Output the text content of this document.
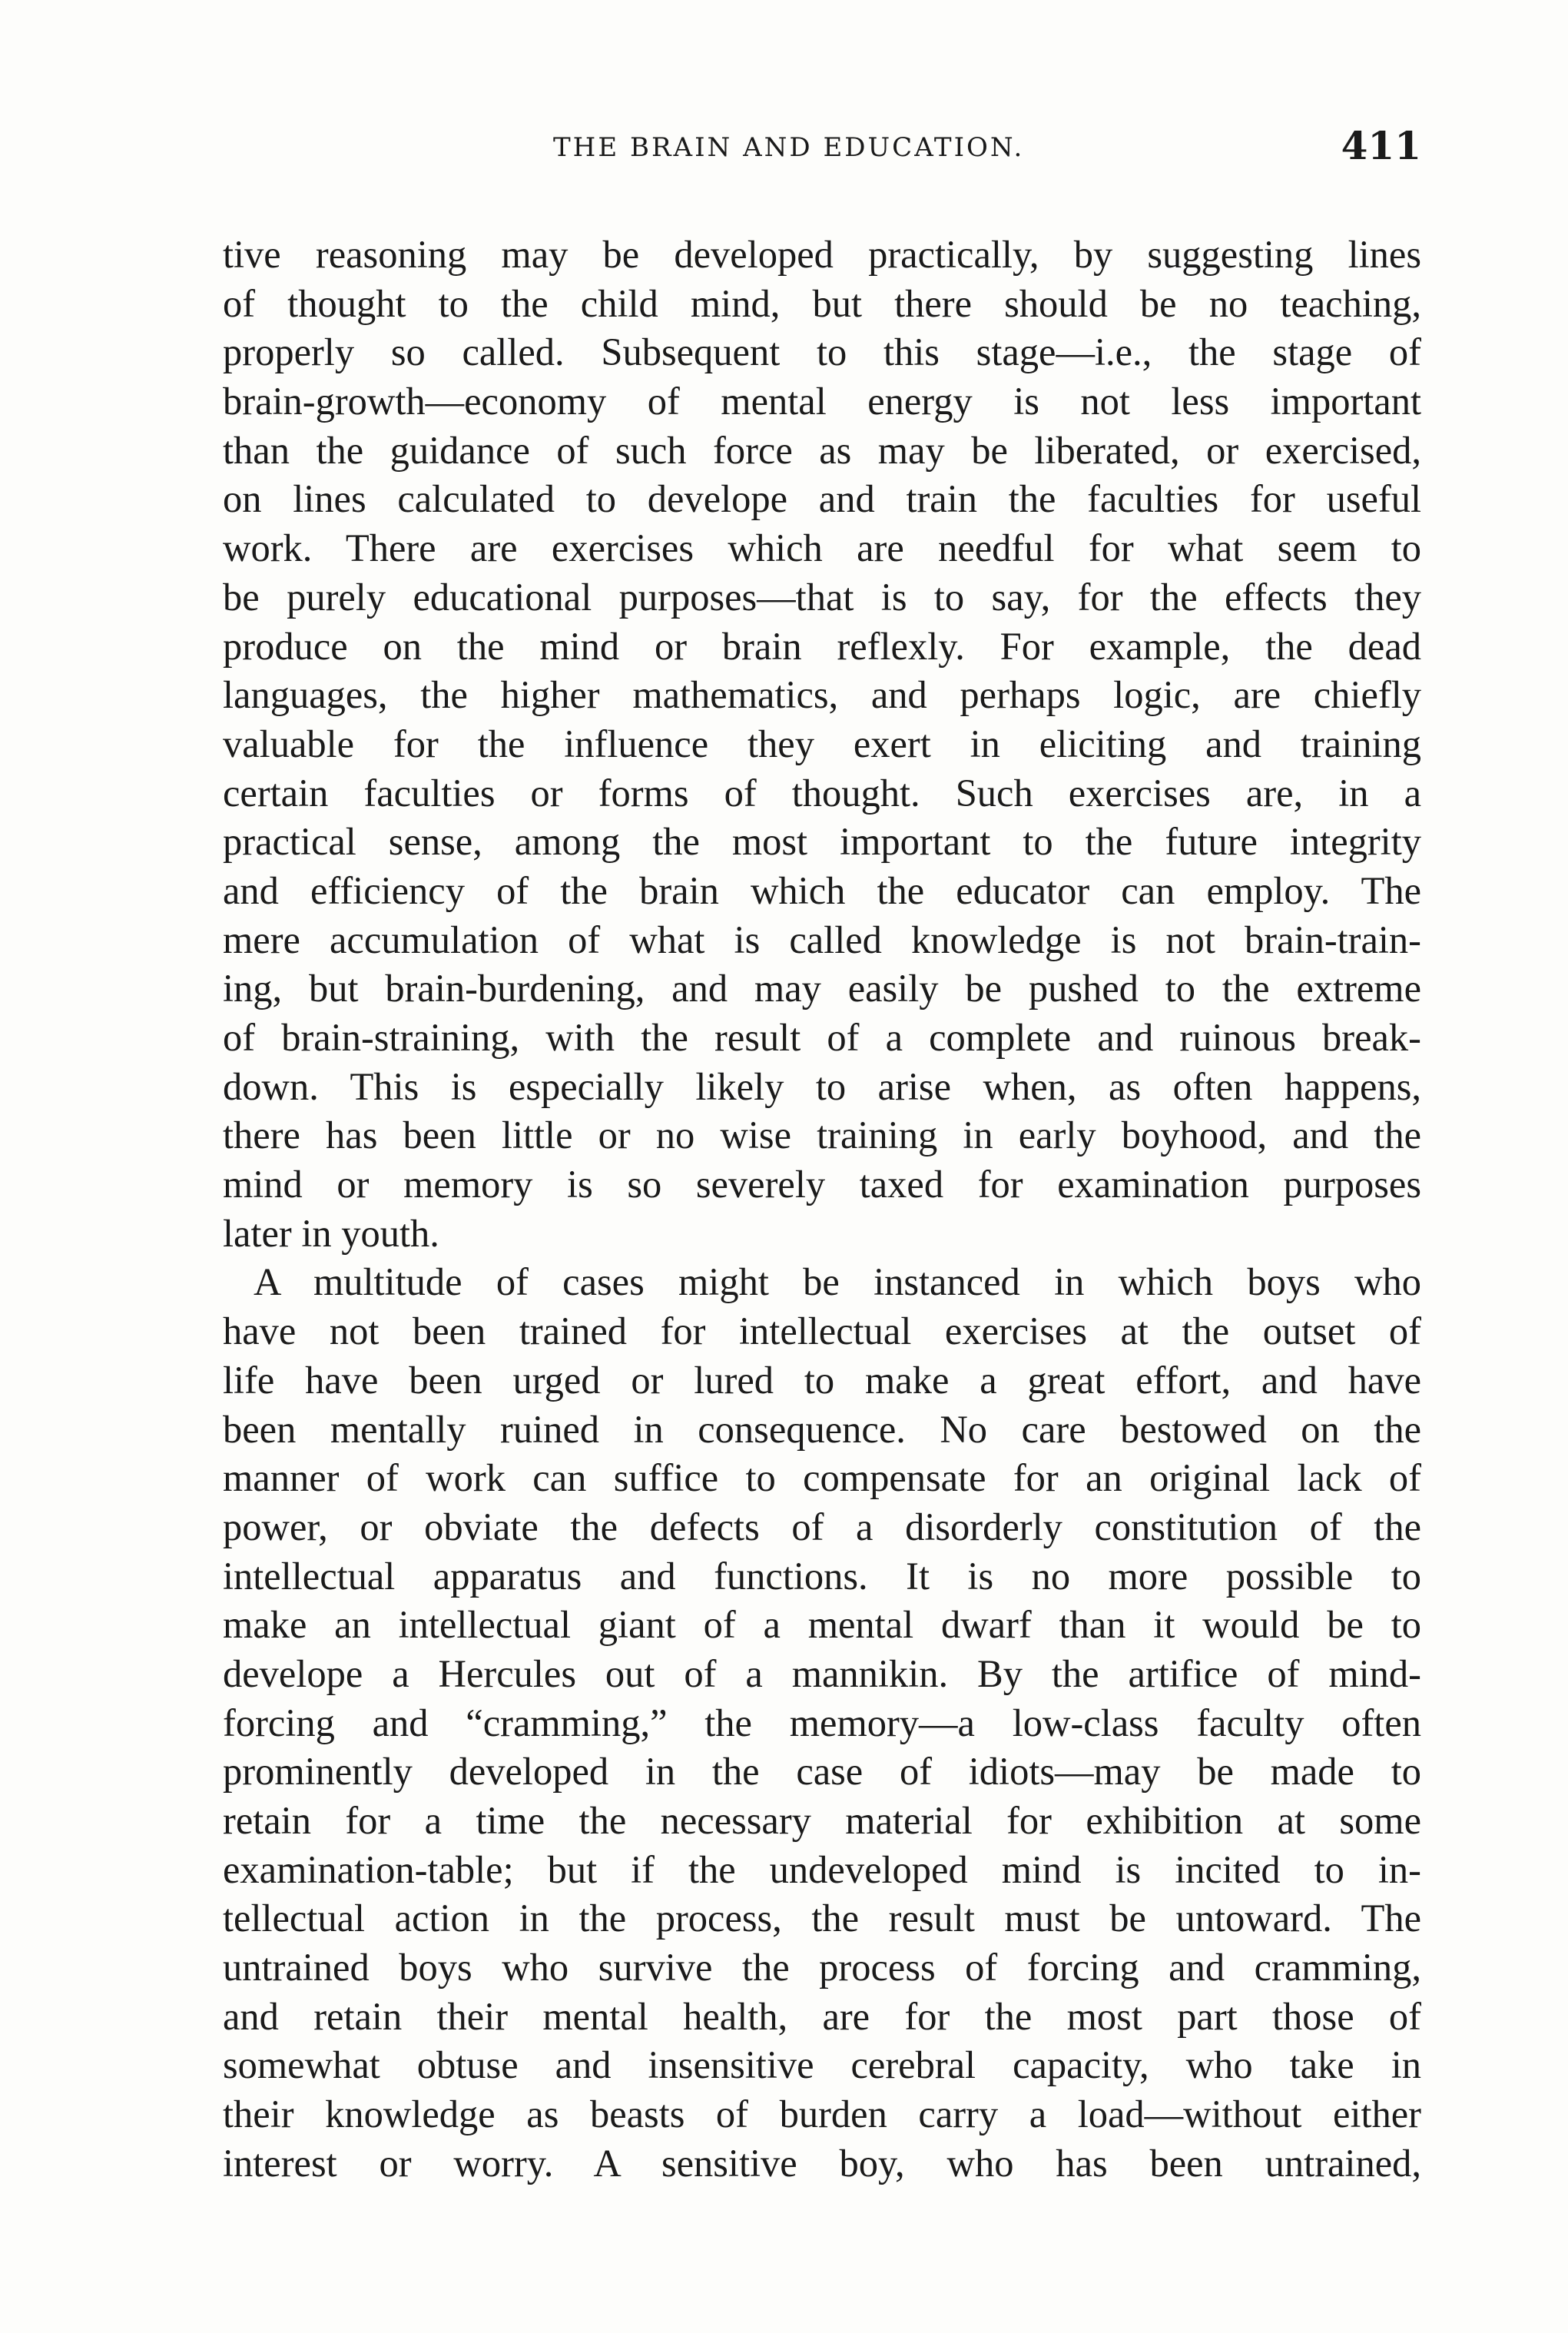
THE BRAIN AND EDUCATION.	411
tive reasoning may be developed practically, by suggesting lines
of thought to the child mind, but there should be no teaching,
properly so called. Subsequent to this stage—i.e., the stage of
brain-growth—economy of mental energy is not less important
than the guidance of such force as may be liberated, or exercised,
on lines calculated to develope and train the faculties for useful
work. There are exercises which are needful for what seem to
be purely educational purposes—that is to say, for the effects they
produce on the mind or brain reflexly. For example, the dead
languages, the higher mathematics, and perhaps logic, are chiefly
valuable for the influence they exert in eliciting and training
certain faculties or forms of thought. Such exercises are, in a
practical sense, among the most important to the future integrity
and efficiency of the brain which the educator can employ. The
mere accumulation of what is called knowledge is not brain-train-
ing, but brain-burdening, and may easily be pushed to the extreme
of brain-straining, with the result of a complete and ruinous break-
down. This is especially likely to arise when, as often happens,
there has been little or no wise training in early boyhood, and the
mind or memory is so severely taxed for examination purposes
later in youth.
A multitude of cases might be instanced in which boys who
have not been trained for intellectual exercises at the outset of
life have been urged or lured to make a great effort, and have
been mentally ruined in consequence. No care bestowed on the
manner of work can suffice to compensate for an original lack of
power, or obviate the defects of a disorderly constitution of the
intellectual apparatus and functions. It is no more possible to
make an intellectual giant of a mental dwarf than it would be to
develope a Hercules out of a mannikin. By the artifice of mind-
forcing and “cramming,” the memory—a low-class faculty often
prominently developed in the case of idiots—may be made to
retain for a time the necessary material for exhibition at some
examination-table; but if the undeveloped mind is incited to in-
tellectual action in the process, the result must be untoward. The
untrained boys who survive the process of forcing and cramming,
and retain their mental health, are for the most part those of
somewhat obtuse and insensitive cerebral capacity, who take in
their knowledge as beasts of burden carry a load—without either
interest or worry. A sensitive boy, who has been untrained,
